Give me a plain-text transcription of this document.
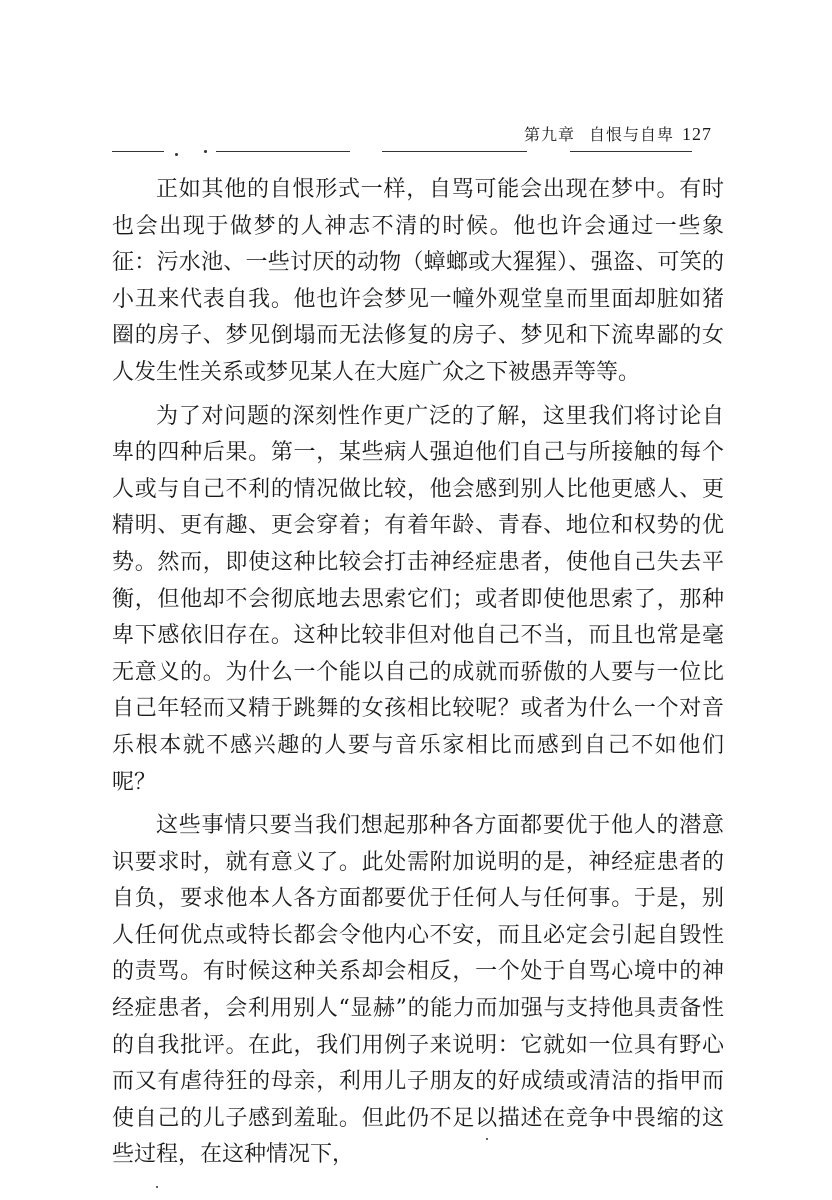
第九章 自恨与自卑 127

正如其他的自恨形式一样，自骂可能会出现在梦中。有时也会出现于做梦的人神志不清的时候。他也许会通过一些象征：污水池、一些讨厌的动物（蟑螂或大猩猩）、强盗、可笑的小丑来代表自我。他也许会梦见一幢外观堂皇而里面却脏如猪圈的房子、梦见倒塌而无法修复的房子、梦见和下流卑鄙的女人发生性关系或梦见某人在大庭广众之下被愚弄等等。

为了对问题的深刻性作更广泛的了解，这里我们将讨论自卑的四种后果。第一，某些病人强迫他们自己与所接触的每个人或与自己不利的情况做比较，他会感到别人比他更感人、更精明、更有趣、更会穿着；有着年龄、青春、地位和权势的优势。然而，即使这种比较会打击神经症患者，使他自己失去平衡，但他却不会彻底地去思索它们；或者即使他思索了，那种卑下感依旧存在。这种比较非但对他自己不当，而且也常是毫无意义的。为什么一个能以自己的成就而骄傲的人要与一位比自己年轻而又精于跳舞的女孩相比较呢？或者为什么一个对音乐根本就不感兴趣的人要与音乐家相比而感到自己不如他们呢？

这些事情只要当我们想起那种各方面都要优于他人的潜意识要求时，就有意义了。此处需附加说明的是，神经症患者的自负，要求他本人各方面都要优于任何人与任何事。于是，别人任何优点或特长都会令他内心不安，而且必定会引起自毁性的责骂。有时候这种关系却会相反，一个处于自骂心境中的神经症患者，会利用别人“显赫”的能力而加强与支持他具责备性的自我批评。在此，我们用例子来说明：它就如一位具有野心而又有虐待狂的母亲，利用儿子朋友的好成绩或清洁的指甲而使自己的儿子感到羞耻。但此仍不足以描述在竞争中畏缩的这些过程，在这种情况下，
